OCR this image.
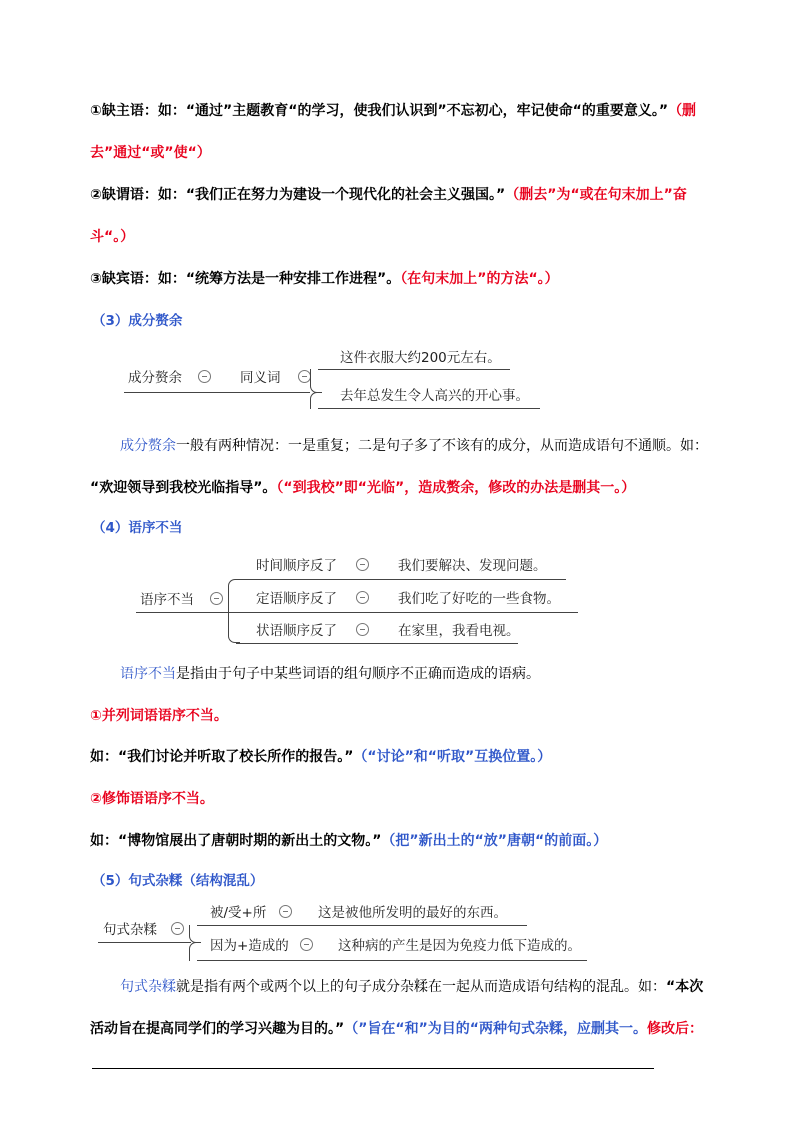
①缺主语：如：“通过”主题教育“的学习，使我们认识到”不忘初心，牢记使命“的重要意义。”（删
去”通过“或”使“）
②缺谓语：如：“我们正在努力为建设一个现代化的社会主义强国。”（删去”为“或在句末加上”奋
斗“。）
③缺宾语：如：“统筹方法是一种安排工作进程”。（在句末加上”的方法“。）
（3）成分赘余
成分赘余	同义词
这件衣服大约200元左右。
去年总发生令人高兴的开心事。
成分赘余一般有两种情况：一是重复；二是句子多了不该有的成分，从而造成语句不通顺。如：
“欢迎领导到我校光临指导”。（“到我校”即“光临”，造成赘余，修改的办法是删其一。）
（4）语序不当
语序不当
时间顺序反了	我们要解决、发现问题。
定语顺序反了	我们吃了好吃的一些食物。
状语顺序反了	在家里，我看电视。
语序不当是指由于句子中某些词语的组句顺序不正确而造成的语病。
①并列词语语序不当。
如：“我们讨论并听取了校长所作的报告。”（“讨论”和“听取”互换位置。）
②修饰语语序不当。
如：“博物馆展出了唐朝时期的新出土的文物。”（把”新出土的“放”唐朝“的前面。）
（5）句式杂糅（结构混乱）
句式杂糅
被/受+所	这是被他所发明的最好的东西。
因为+造成的	这种病的产生是因为免疫力低下造成的。
句式杂糅就是指有两个或两个以上的句子成分杂糅在一起从而造成语句结构的混乱。如：“本次
活动旨在提高同学们的学习兴趣为目的。”（”旨在“和”为目的“两种句式杂糅，应删其一。修改后：
